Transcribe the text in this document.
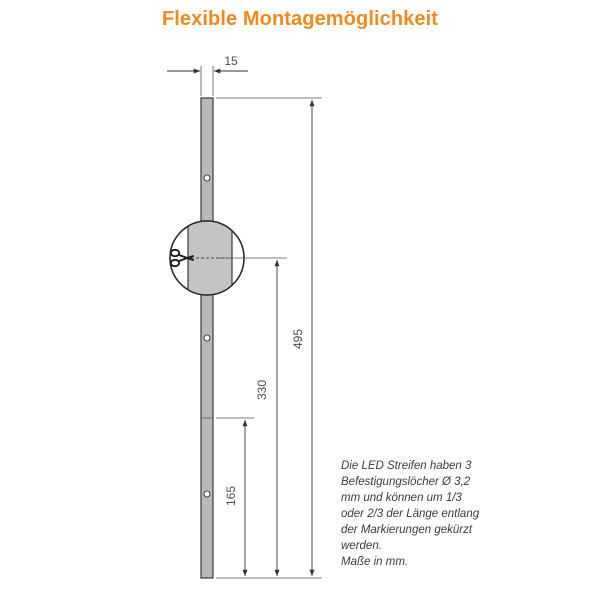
Flexible Montagemöglichkeit
15
495
330
165
Die LED Streifen haben 3
Befestigungslöcher Ø 3,2
mm und können um 1/3
oder 2/3 der Länge entlang
der Markierungen gekürzt
werden.
Maße in mm.
